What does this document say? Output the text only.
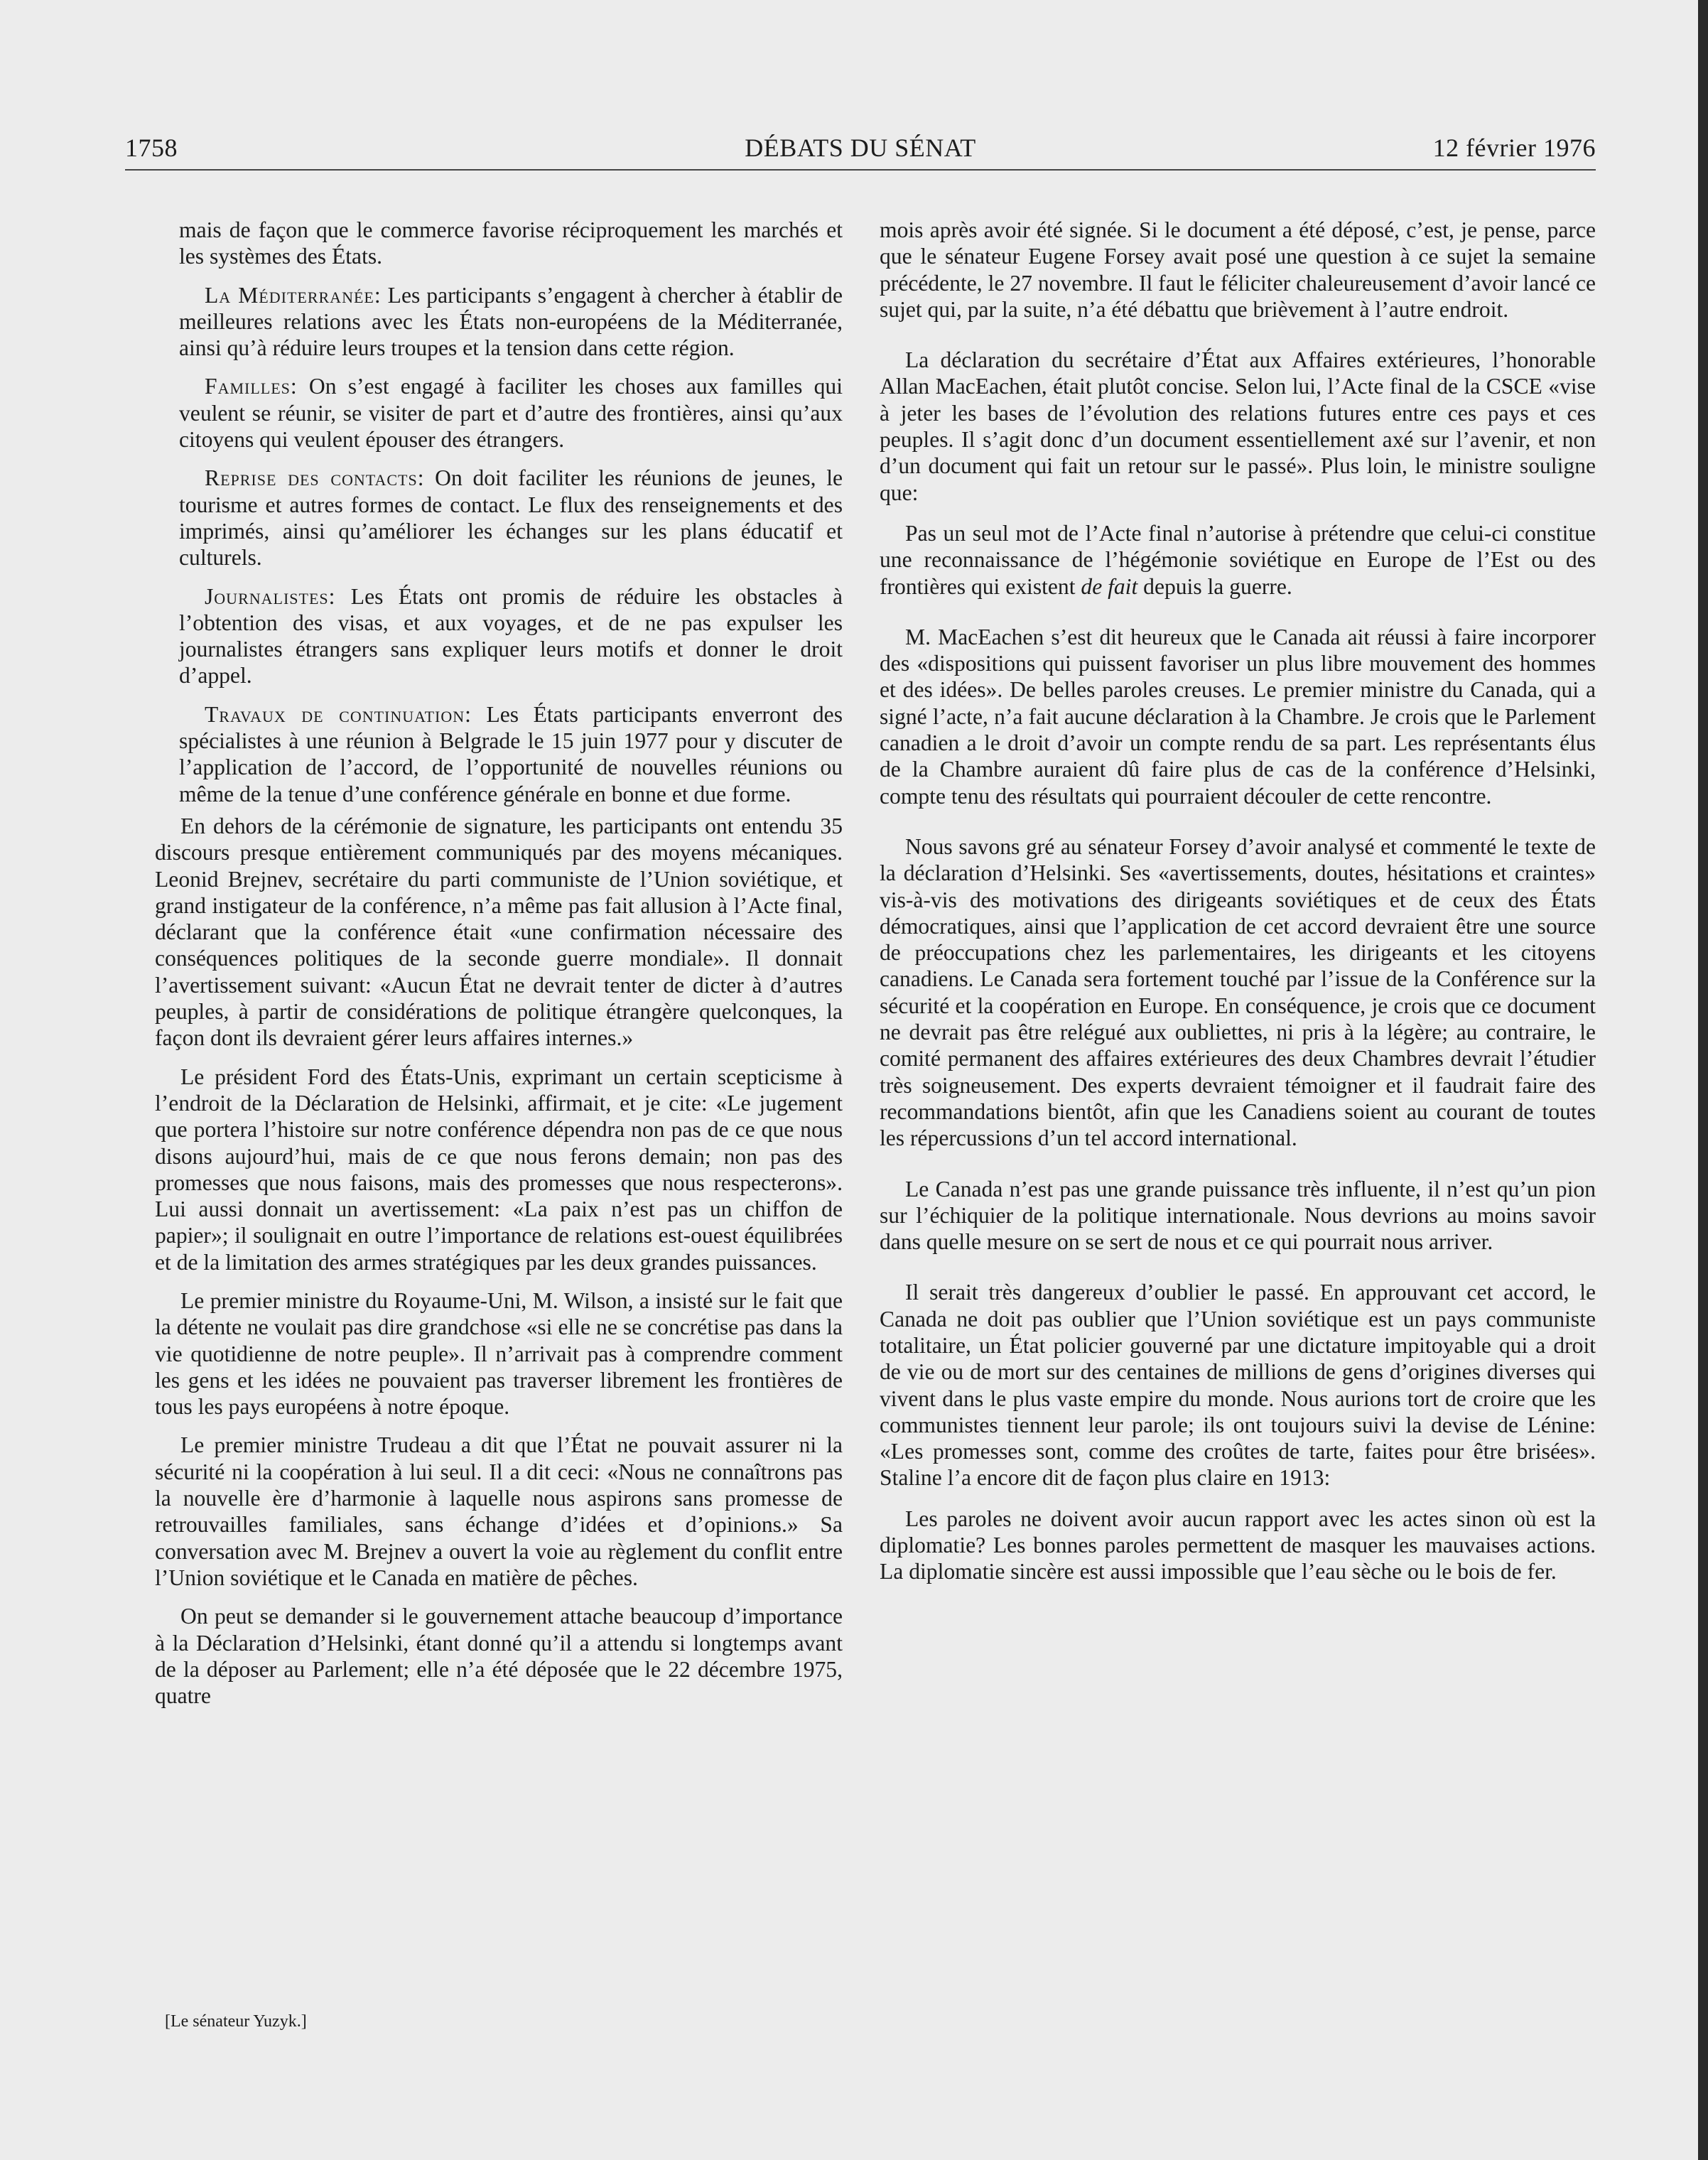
DÉBATS DU SÉNAT
1758	12 février 1976

mais de façon que le commerce favorise réciproquement les marchés et les systèmes des États.

La Méditerranée: Les participants s’engagent à chercher à établir de meilleures relations avec les États non-européens de la Méditerranée, ainsi qu’à réduire leurs troupes et la tension dans cette région.

Familles: On s’est engagé à faciliter les choses aux familles qui veulent se réunir, se visiter de part et d’autre des frontières, ainsi qu’aux citoyens qui veulent épouser des étrangers.

Reprise des contacts: On doit faciliter les réunions de jeunes, le tourisme et autres formes de contact. Le flux des renseignements et des imprimés, ainsi qu’améliorer les échanges sur les plans éducatif et culturels.

Journalistes: Les États ont promis de réduire les obstacles à l’obtention des visas, et aux voyages, et de ne pas expulser les journalistes étrangers sans expliquer leurs motifs et donner le droit d’appel.

Travaux de continuation: Les États participants enverront des spécialistes à une réunion à Belgrade le 15 juin 1977 pour y discuter de l’application de l’accord, de l’opportunité de nouvelles réunions ou même de la tenue d’une conférence générale en bonne et due forme.

En dehors de la cérémonie de signature, les participants ont entendu 35 discours presque entièrement communiqués par des moyens mécaniques. Leonid Brejnev, secrétaire du parti communiste de l’Union soviétique, et grand instigateur de la conférence, n’a même pas fait allusion à l’Acte final, déclarant que la conférence était «une confirmation nécessaire des conséquences politiques de la seconde guerre mondiale». Il donnait l’avertissement suivant: «Aucun État ne devrait tenter de dicter à d’autres peuples, à partir de considérations de politique étrangère quelconques, la façon dont ils devraient gérer leurs affaires internes.»

Le président Ford des États-Unis, exprimant un certain scepticisme à l’endroit de la Déclaration de Helsinki, affirmait, et je cite: «Le jugement que portera l’histoire sur notre conférence dépendra non pas de ce que nous disons aujourd’hui, mais de ce que nous ferons demain; non pas des promesses que nous faisons, mais des promesses que nous respecterons». Lui aussi donnait un avertissement: «La paix n’est pas un chiffon de papier»; il soulignait en outre l’importance de relations est-ouest équilibrées et de la limitation des armes stratégiques par les deux grandes puissances.

Le premier ministre du Royaume-Uni, M. Wilson, a insisté sur le fait que la détente ne voulait pas dire grandchose «si elle ne se concrétise pas dans la vie quotidienne de notre peuple». Il n’arrivait pas à comprendre comment les gens et les idées ne pouvaient pas traverser librement les frontières de tous les pays européens à notre époque.

Le premier ministre Trudeau a dit que l’État ne pouvait assurer ni la sécurité ni la coopération à lui seul. Il a dit ceci: «Nous ne connaîtrons pas la nouvelle ère d’harmonie à laquelle nous aspirons sans promesse de retrouvailles familiales, sans échange d’idées et d’opinions.» Sa conversation avec M. Brejnev a ouvert la voie au règlement du conflit entre l’Union soviétique et le Canada en matière de pêches.

On peut se demander si le gouvernement attache beaucoup d’importance à la Déclaration d’Helsinki, étant donné qu’il a attendu si longtemps avant de la déposer au Parlement; elle n’a été déposée que le 22 décembre 1975, quatre

mois après avoir été signée. Si le document a été déposé, c’est, je pense, parce que le sénateur Eugene Forsey avait posé une question à ce sujet la semaine précédente, le 27 novembre. Il faut le féliciter chaleureusement d’avoir lancé ce sujet qui, par la suite, n’a été débattu que brièvement à l’autre endroit.

La déclaration du secrétaire d’État aux Affaires extérieures, l’honorable Allan MacEachen, était plutôt concise. Selon lui, l’Acte final de la CSCE «vise à jeter les bases de l’évolution des relations futures entre ces pays et ces peuples. Il s’agit donc d’un document essentiellement axé sur l’avenir, et non d’un document qui fait un retour sur le passé». Plus loin, le ministre souligne que:

Pas un seul mot de l’Acte final n’autorise à prétendre que celui-ci constitue une reconnaissance de l’hégémonie soviétique en Europe de l’Est ou des frontières qui existent de fait depuis la guerre.

M. MacEachen s’est dit heureux que le Canada ait réussi à faire incorporer des «dispositions qui puissent favoriser un plus libre mouvement des hommes et des idées». De belles paroles creuses. Le premier ministre du Canada, qui a signé l’acte, n’a fait aucune déclaration à la Chambre. Je crois que le Parlement canadien a le droit d’avoir un compte rendu de sa part. Les représentants élus de la Chambre auraient dû faire plus de cas de la conférence d’Helsinki, compte tenu des résultats qui pourraient découler de cette rencontre.

Nous savons gré au sénateur Forsey d’avoir analysé et commenté le texte de la déclaration d’Helsinki. Ses «avertissements, doutes, hésitations et craintes» vis-à-vis des motivations des dirigeants soviétiques et de ceux des États démocratiques, ainsi que l’application de cet accord devraient être une source de préoccupations chez les parlementaires, les dirigeants et les citoyens canadiens. Le Canada sera fortement touché par l’issue de la Conférence sur la sécurité et la coopération en Europe. En conséquence, je crois que ce document ne devrait pas être relégué aux oubliettes, ni pris à la légère; au contraire, le comité permanent des affaires extérieures des deux Chambres devrait l’étudier très soigneusement. Des experts devraient témoigner et il faudrait faire des recommandations bientôt, afin que les Canadiens soient au courant de toutes les répercussions d’un tel accord international.

Le Canada n’est pas une grande puissance très influente, il n’est qu’un pion sur l’échiquier de la politique internationale. Nous devrions au moins savoir dans quelle mesure on se sert de nous et ce qui pourrait nous arriver.

Il serait très dangereux d’oublier le passé. En approuvant cet accord, le Canada ne doit pas oublier que l’Union soviétique est un pays communiste totalitaire, un État policier gouverné par une dictature impitoyable qui a droit de vie ou de mort sur des centaines de millions de gens d’origines diverses qui vivent dans le plus vaste empire du monde. Nous aurions tort de croire que les communistes tiennent leur parole; ils ont toujours suivi la devise de Lénine: «Les promesses sont, comme des croûtes de tarte, faites pour être brisées». Staline l’a encore dit de façon plus claire en 1913:

Les paroles ne doivent avoir aucun rapport avec les actes sinon où est la diplomatie? Les bonnes paroles permettent de masquer les mauvaises actions. La diplomatie sincère est aussi impossible que l’eau sèche ou le bois de fer.

[Le sénateur Yuzyk.]
